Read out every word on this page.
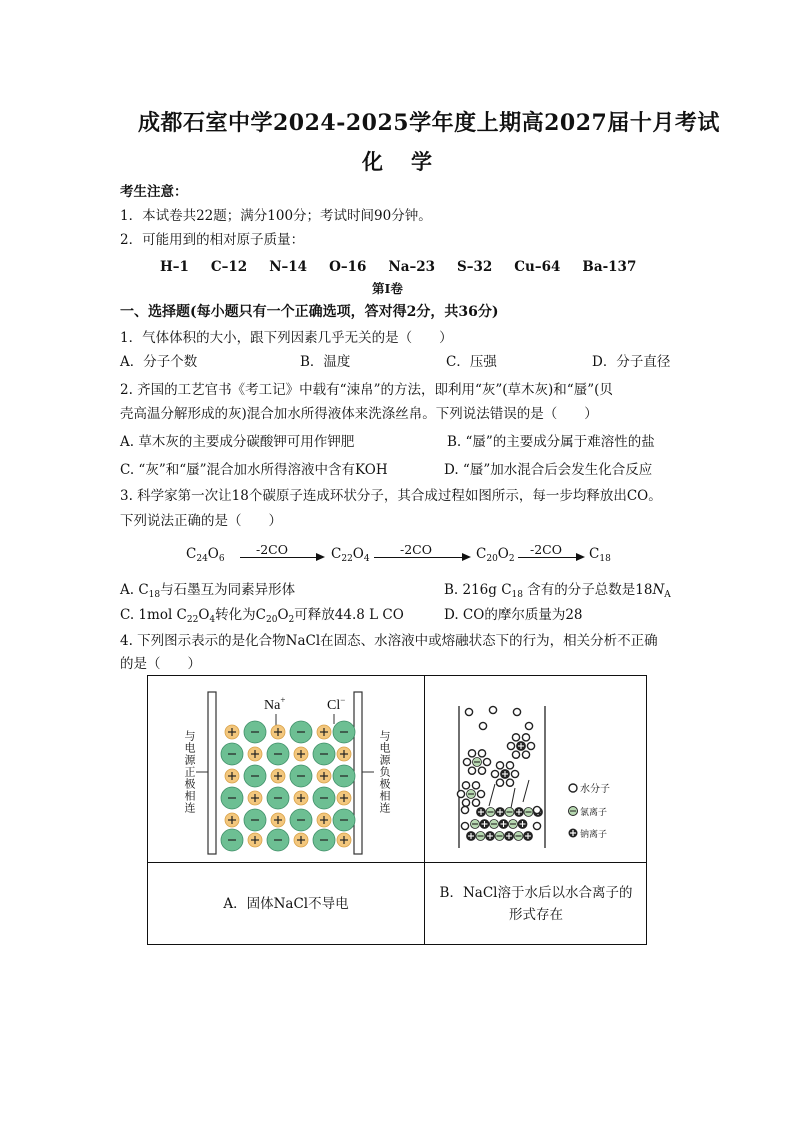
成都石室中学2024-2025学年度上期高2027届十月考试
化学
考生注意：
1．本试卷共22题；满分100分；考试时间90分钟。
2．可能用到的相对原子质量：
H–1 C–12 N–14 O–16 Na–23 S–32 Cu–64 Ba-137
第Ⅰ卷
一、选择题(每小题只有一个正确选项，答对得2分，共36分)
1．气体体积的大小，跟下列因素几乎无关的是（　　）
A．分子个数	B．温度	C．压强	D．分子直径
2. 齐国的工艺官书《考工记》中载有“涑帛”的方法，即利用“灰”(草木灰)和“蜃”(贝
壳高温分解形成的灰)混合加水所得液体来洗涤丝帛。下列说法错误的是（　　）
A. 草木灰的主要成分碳酸钾可用作钾肥	B. “蜃”的主要成分属于难溶性的盐
C. “灰”和“蜃”混合加水所得溶液中含有KOH	D. “蜃”加水混合后会发生化合反应
3. 科学家第一次让18个碳原子连成环状分子，其合成过程如图所示，每一步均释放出CO。
下列说法正确的是（　　）
$C_{24}O_6$
-2CO	$C_{22}O_4$
-2CO	$C_{20}O_2$
-2CO $C_{18}$
A. $C_{18}$与石墨互为同素异形体	B. 216g $C_{18}$ 含有的分子总数是$18N_A$
C. 1mol $C_{22}O_4$转化为$C_{20}O_2$可释放44.8 L CO	D. CO的摩尔质量为28
4. 下列图示表示的是化合物NaCl在固态、水溶液中或熔融状态下的行为，相关分析不正确
的是（　　）
Na+	Cl−
与电源正极相连	与电源负极相连	水分子
氯离子
钠离子
A．固体NaCl不导电
B．NaCl溶于水后以水合离子的形式存在
